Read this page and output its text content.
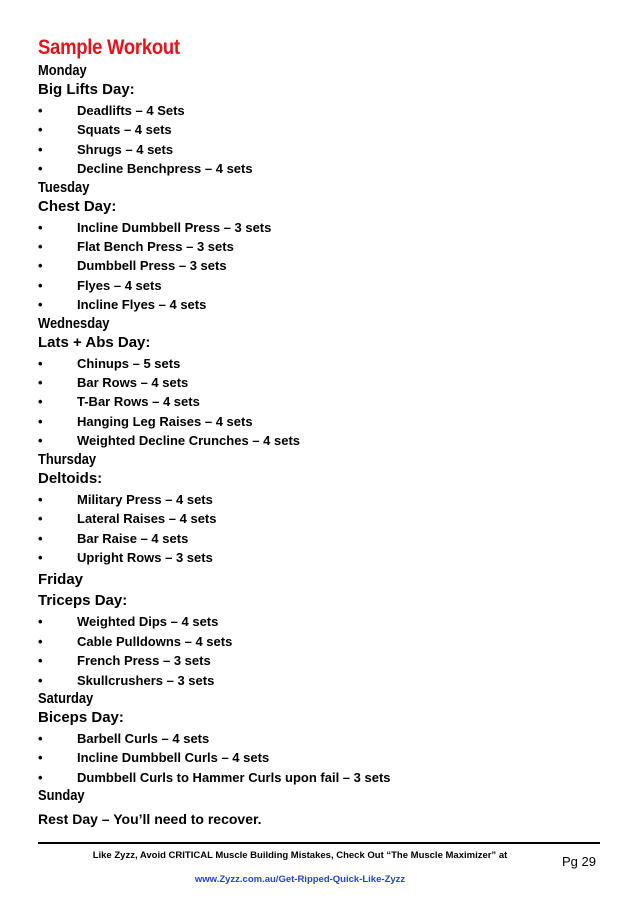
Sample Workout
Monday
Big Lifts Day:
•	Deadlifts – 4 Sets
•	Squats – 4 sets
•	Shrugs – 4 sets
•	Decline Benchpress – 4 sets
Tuesday
Chest Day:
•	Incline Dumbbell Press – 3 sets
•	Flat Bench Press – 3 sets
•	Dumbbell Press – 3 sets
•	Flyes – 4 sets
•	Incline Flyes – 4 sets
Wednesday
Lats + Abs Day:
•	Chinups – 5 sets
•	Bar Rows – 4 sets
•	T-Bar Rows – 4 sets
•	Hanging Leg Raises – 4 sets
•	Weighted Decline Crunches – 4 sets
Thursday
Deltoids:
•	Military Press – 4 sets
•	Lateral Raises – 4 sets
•	Bar Raise – 4 sets
•	Upright Rows – 3 sets
Friday
Triceps Day:
•	Weighted Dips – 4 sets
•	Cable Pulldowns – 4 sets
•	French Press – 3 sets
•	Skullcrushers – 3 sets
Saturday
Biceps Day:
•	Barbell Curls – 4 sets
•	Incline Dumbbell Curls – 4 sets
•	Dumbbell Curls to Hammer Curls upon fail – 3 sets
Sunday
Rest Day – You’ll need to recover.
Like Zyzz, Avoid CRITICAL Muscle Building Mistakes, Check Out “The Muscle Maximizer” at
www.Zyzz.com.au/Get-Ripped-Quick-Like-Zyzz
Pg 29
